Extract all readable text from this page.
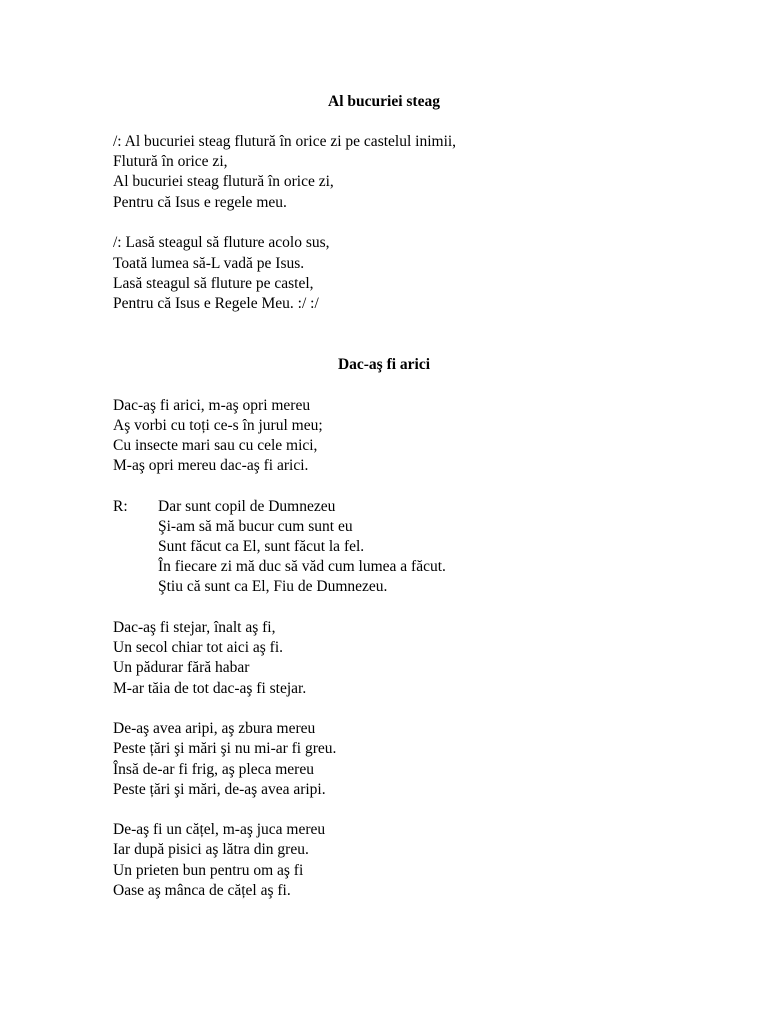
Al bucuriei steag

/: Al bucuriei steag flutură în orice zi pe castelul inimii,

Flutură în orice zi,

Al bucuriei steag flutură în orice zi,

Pentru că Isus e regele meu.

/: Lasă steagul să fluture acolo sus,

Toată lumea să-L vadă pe Isus.

Lasă steagul să fluture pe castel,

Pentru că Isus e Regele Meu. :/ :/

Dac-aş fi arici

Dac-aş fi arici, m-aş opri mereu

Aş vorbi cu toți ce-s în jurul meu;

Cu insecte mari sau cu cele mici,

M-aş opri mereu dac-aş fi arici.

R: Dar sunt copil de Dumnezeu

Şi-am să mă bucur cum sunt eu

Sunt făcut ca El, sunt făcut la fel.

În fiecare zi mă duc să văd cum lumea a făcut.

Ştiu că sunt ca El, Fiu de Dumnezeu.

Dac-aş fi stejar, înalt aş fi,

Un secol chiar tot aici aş fi.

Un pădurar fără habar

M-ar tăia de tot dac-aş fi stejar.

De-aş avea aripi, aş zbura mereu

Peste țări şi mări şi nu mi-ar fi greu.

Însă de-ar fi frig, aş pleca mereu

Peste țări şi mări, de-aş avea aripi.

De-aş fi un cățel, m-aş juca mereu

Iar după pisici aş lătra din greu.

Un prieten bun pentru om aş fi

Oase aş mânca de cățel aş fi.
